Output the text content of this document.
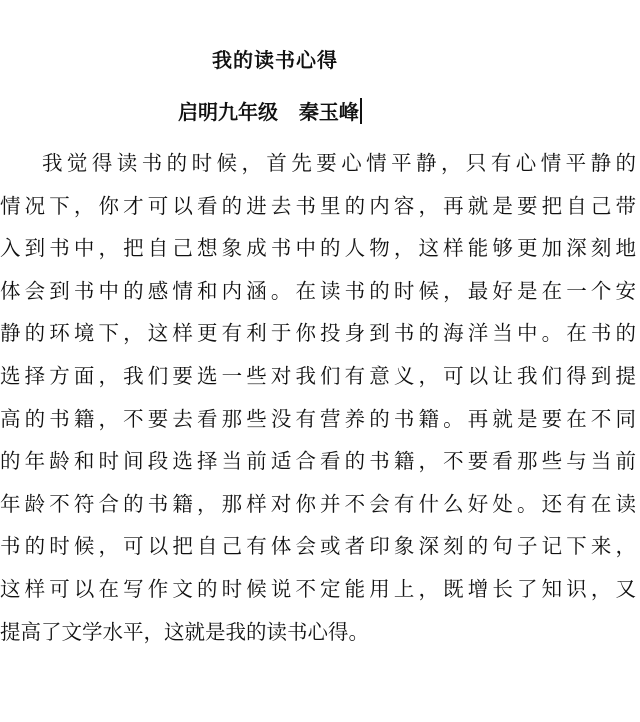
我的读书心得
启明九年级   秦玉峰
我觉得读书的时候，首先要心情平静，只有心情平静的
情况下，你才可以看的进去书里的内容，再就是要把自己带
入到书中，把自己想象成书中的人物，这样能够更加深刻地
体会到书中的感情和内涵。在读书的时候，最好是在一个安
静的环境下，这样更有利于你投身到书的海洋当中。在书的
选择方面，我们要选一些对我们有意义，可以让我们得到提
高的书籍，不要去看那些没有营养的书籍。再就是要在不同
的年龄和时间段选择当前适合看的书籍，不要看那些与当前
年龄不符合的书籍，那样对你并不会有什么好处。还有在读
书的时候，可以把自己有体会或者印象深刻的句子记下来，
这样可以在写作文的时候说不定能用上，既增长了知识，又
提高了文学水平，这就是我的读书心得。
